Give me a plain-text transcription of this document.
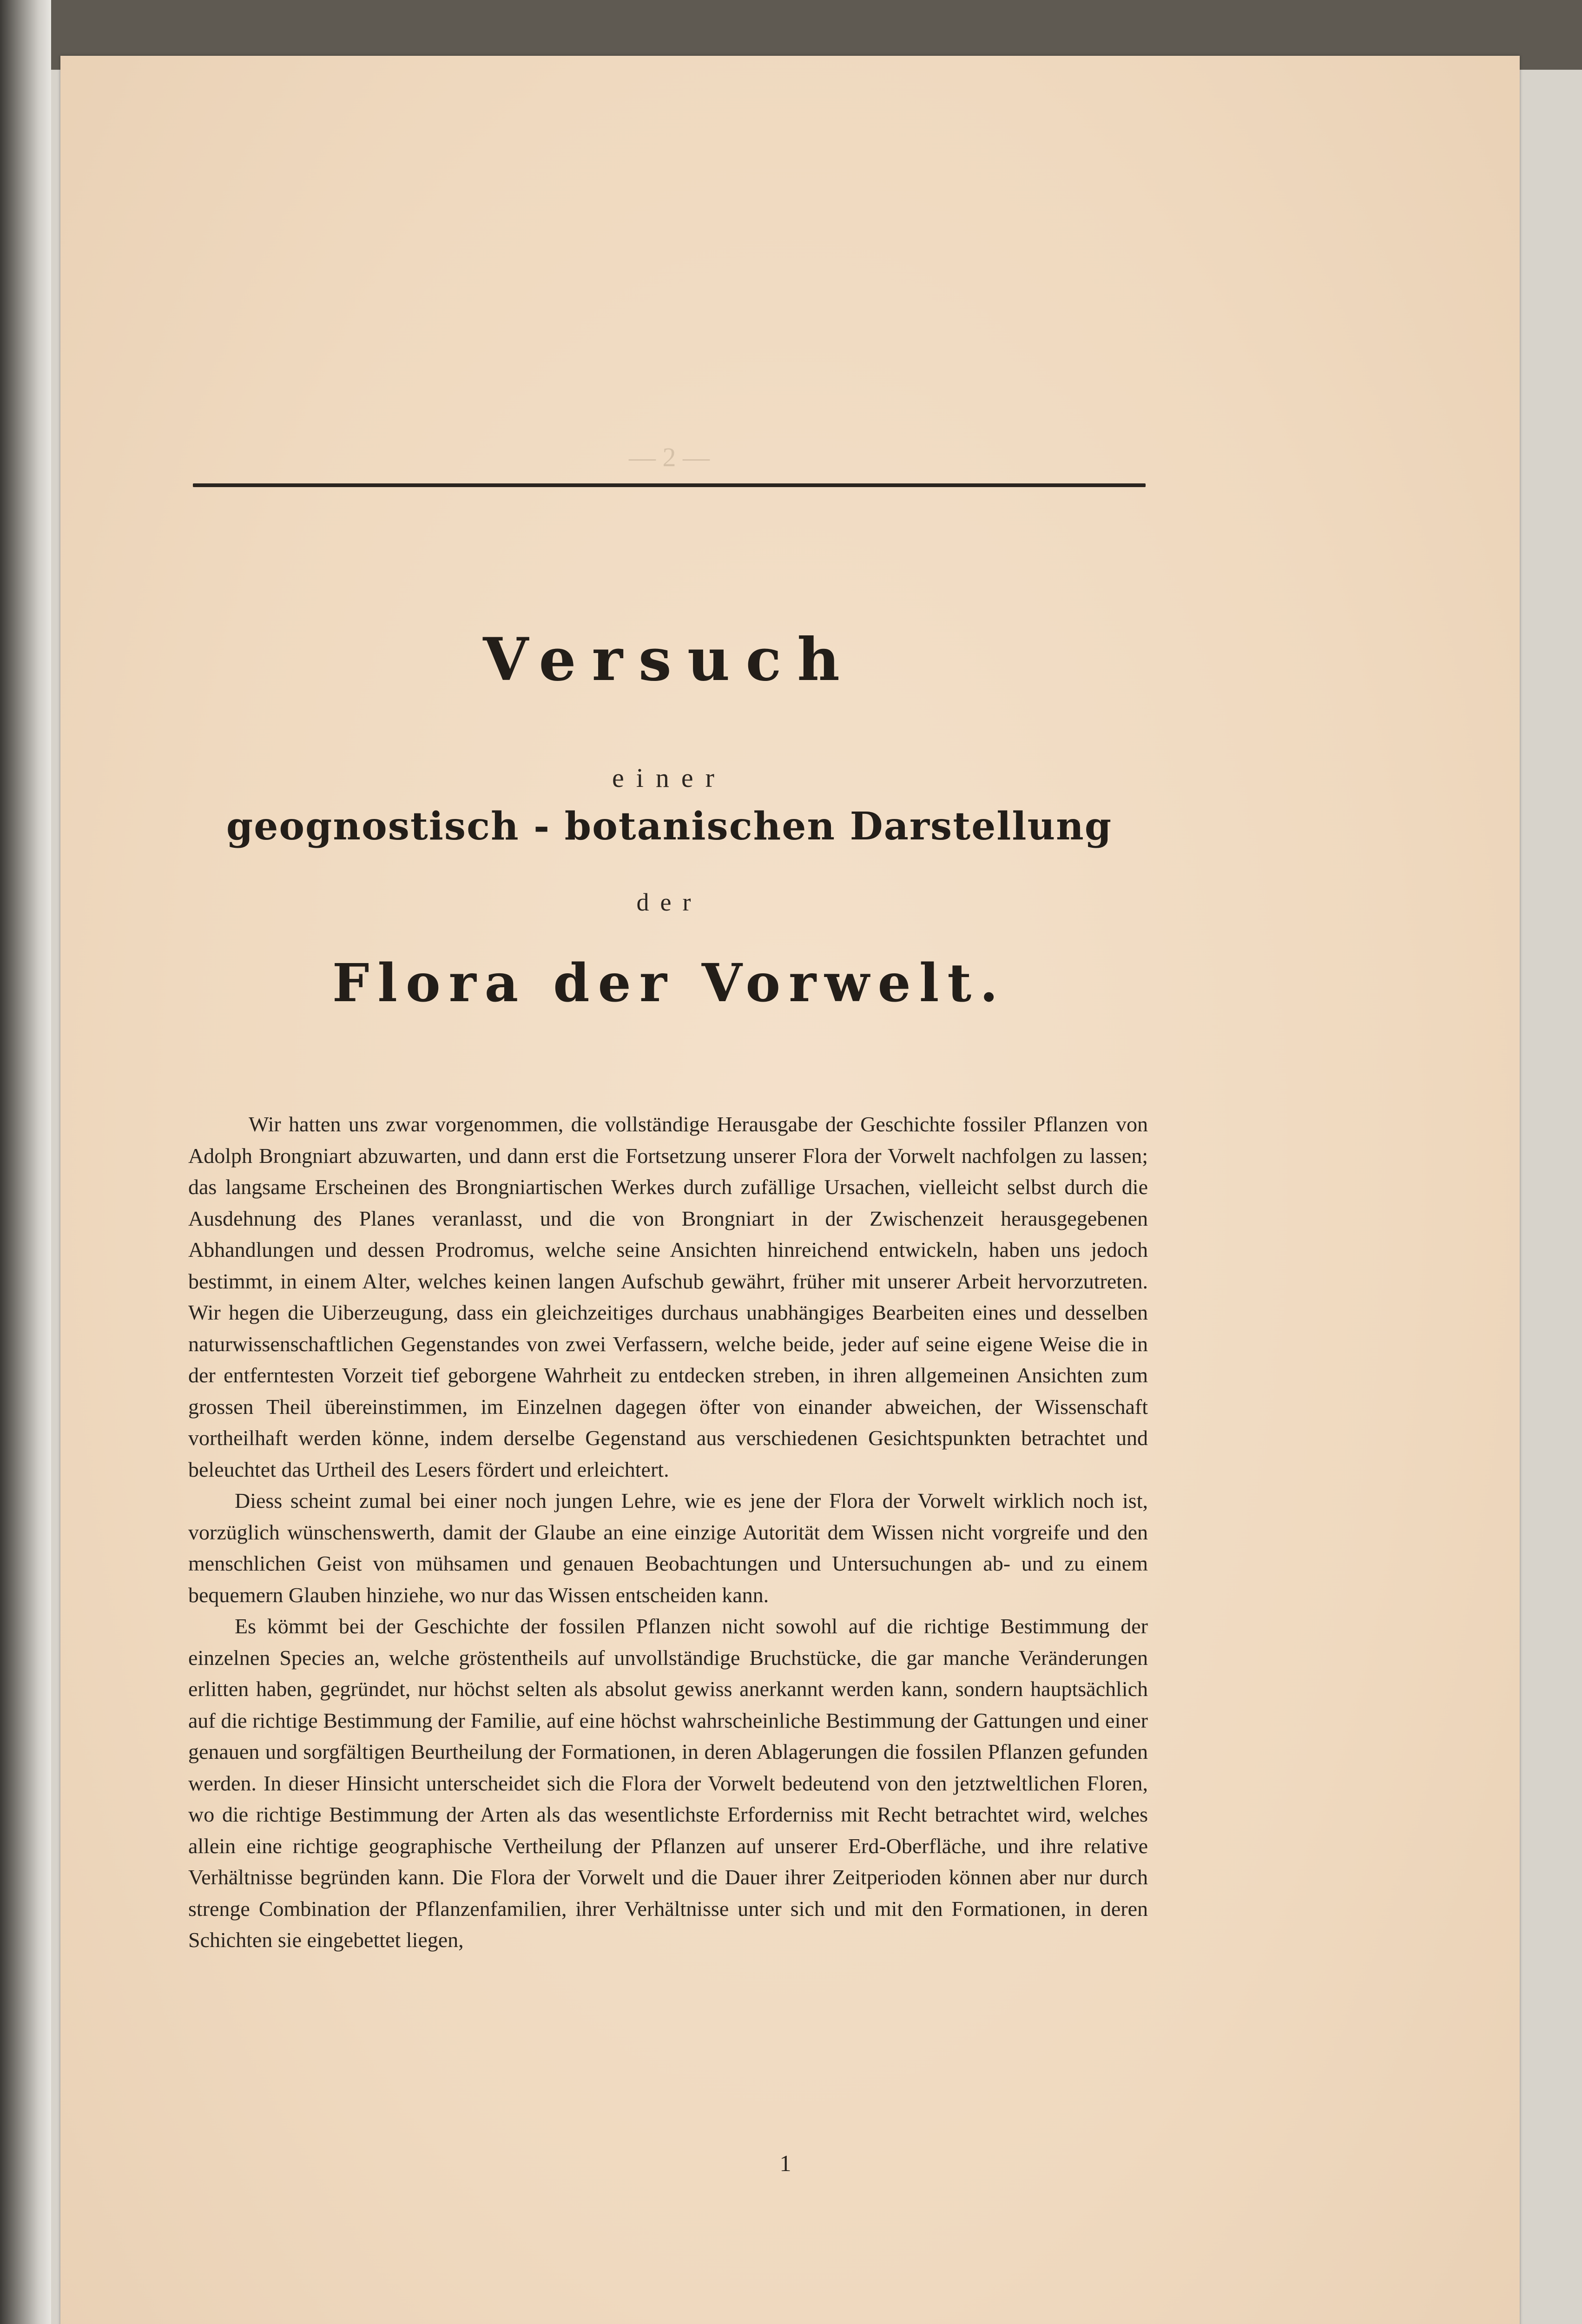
— 2 —
Versuch
einer
geognostisch - botanischen Darstellung
der
Flora der Vorwelt.

Wir hatten uns zwar vorgenommen, die vollständige Herausgabe der Geschichte fossiler Pflanzen von Adolph Brongniart abzuwarten, und dann erst die Fortsetzung unserer Flora der Vorwelt nachfolgen zu lassen; das langsame Erscheinen des Brongniartischen Werkes durch zufällige Ursachen, vielleicht selbst durch die Ausdehnung des Planes veranlasst, und die von Brongniart in der Zwischenzeit herausgegebenen Abhandlungen und dessen Prodromus, welche seine Ansichten hinreichend entwickeln, haben uns jedoch bestimmt, in einem Alter, welches keinen langen Aufschub gewährt, früher mit unserer Arbeit hervorzutreten. Wir hegen die Uiberzeugung, dass ein gleichzeitiges durchaus unabhängiges Bearbeiten eines und desselben naturwissenschaftlichen Gegenstandes von zwei Verfassern, welche beide, jeder auf seine eigene Weise die in der entferntesten Vorzeit tief geborgene Wahrheit zu entdecken streben, in ihren allgemeinen Ansichten zum grossen Theil übereinstimmen, im Einzelnen dagegen öfter von einander abweichen, der Wissenschaft vortheilhaft werden könne, indem derselbe Gegenstand aus verschiedenen Gesichtspunkten betrachtet und beleuchtet das Urtheil des Lesers fördert und erleichtert.

Diess scheint zumal bei einer noch jungen Lehre, wie es jene der Flora der Vorwelt wirklich noch ist, vorzüglich wünschenswerth, damit der Glaube an eine einzige Autorität dem Wissen nicht vorgreife und den menschlichen Geist von mühsamen und genauen Beobachtungen und Untersuchungen ab- und zu einem bequemern Glauben hinziehe, wo nur das Wissen entscheiden kann.

Es kömmt bei der Geschichte der fossilen Pflanzen nicht sowohl auf die richtige Bestimmung der einzelnen Species an, welche gröstentheils auf unvollständige Bruchstücke, die gar manche Veränderungen erlitten haben, gegründet, nur höchst selten als absolut gewiss anerkannt werden kann, sondern hauptsächlich auf die richtige Bestimmung der Familie, auf eine höchst wahrscheinliche Bestimmung der Gattungen und einer genauen und sorgfältigen Beurtheilung der Formationen, in deren Ablagerungen die fossilen Pflanzen gefunden werden. In dieser Hinsicht unterscheidet sich die Flora der Vorwelt bedeutend von den jetztweltlichen Floren, wo die richtige Bestimmung der Arten als das wesentlichste Erforderniss mit Recht betrachtet wird, welches allein eine richtige geographische Vertheilung der Pflanzen auf unserer Erd-Oberfläche, und ihre relative Verhältnisse begründen kann. Die Flora der Vorwelt und die Dauer ihrer Zeitperioden können aber nur durch strenge Combination der Pflanzenfamilien, ihrer Verhältnisse unter sich und mit den Formationen, in deren Schichten sie eingebettet liegen,

1
